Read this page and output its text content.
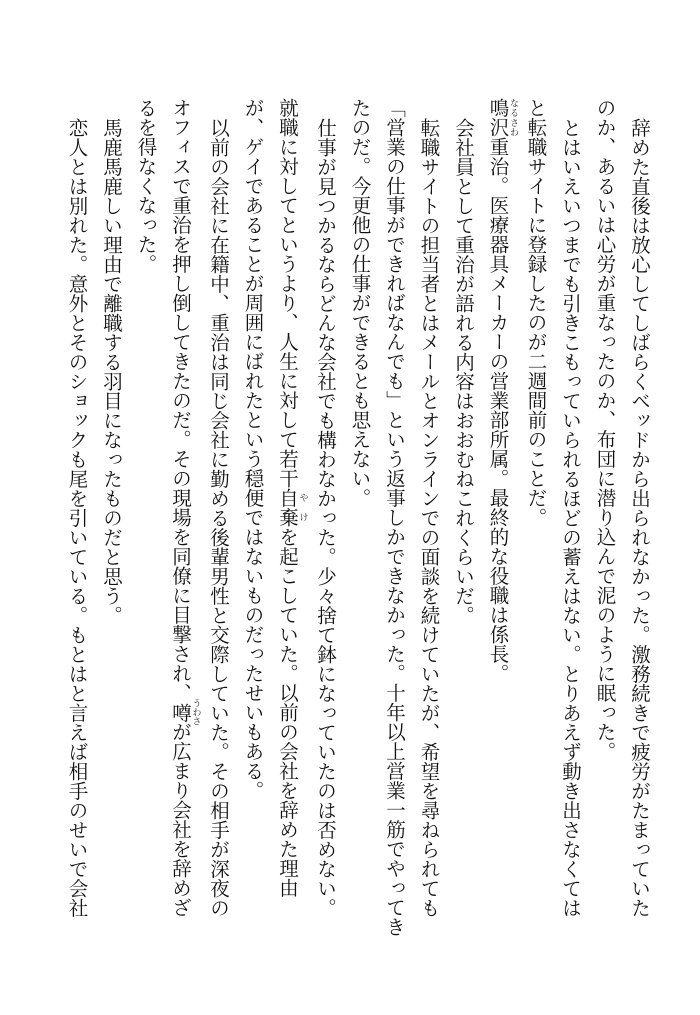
辞めた直後は放心してしばらくベッドから出られなかった。激務続きで疲労がたまっていた
のか、あるいは心労が重なったのか、布団に潜り込んで泥のように眠った。
とはいえいつまでも引きこもっていられるほどの蓄えはない。とりあえず動き出さなくては
と転職サイトに登録したのが二週間前のことだ。
鳴沢なるさわ重治。医療器具メーカーの営業部所属。最終的な役職は係長。
会社員として重治が語れる内容はおおむねこれくらいだ。
転職サイトの担当者とはメールとオンラインでの面談を続けていたが、希望を尋ねられても
「営業の仕事ができればなんでも」という返事しかできなかった。十年以上営業一筋でやってき
たのだ。今更他の仕事ができるとも思えない。
仕事が見つかるならどんな会社でも構わなかった。少々捨て鉢になっていたのは否めない。
就職に対してというより、人生に対して若干自棄やけを起こしていた。以前の会社を辞めた理由
が、ゲイであることが周囲にばれたという穏便ではないものだったせいもある。
以前の会社に在籍中、重治は同じ会社に勤める後輩男性と交際していた。その相手が深夜の
オフィスで重治を押し倒してきたのだ。その現場を同僚に目撃され、噂うわさが広まり会社を辞めざ
るを得なくなった。
馬鹿馬鹿しい理由で離職する羽目になったものだと思う。
恋人とは別れた。意外とそのショックも尾を引いている。もとはと言えば相手のせいで会社
